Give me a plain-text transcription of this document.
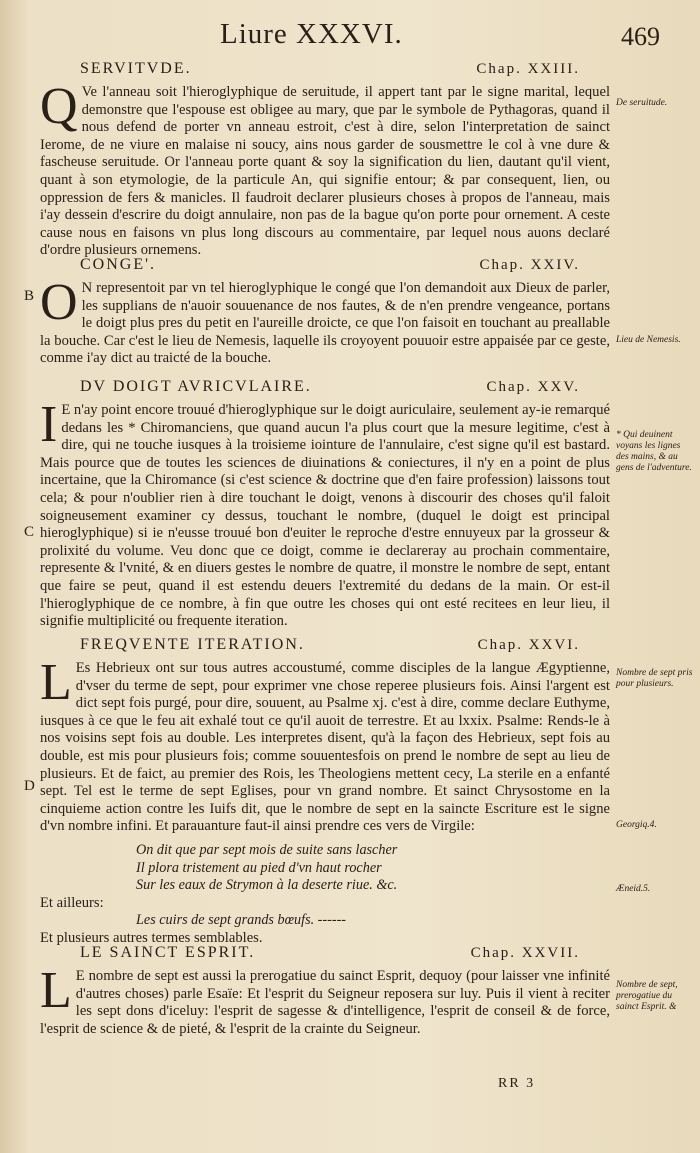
Liure XXXVI.	469
SERVITVDE.	Chap. XXIII.

Q Ve l'anneau soit l'hieroglyphique de seruitude, il appert tant par le signe marital, lequel demonstre que l'espouse est obligee au mary, que par le symbole de Pythagoras, quand il nous defend de porter vn anneau estroit, c'est à dire, selon l'interpretation de sainct Ierome, de ne viure en malaise ni soucy, ains nous garder de sousmettre le col à vne dure & fascheuse seruitude. Or l'anneau porte quant & soy la signification du lien, dautant qu'il vient, quant à son etymologie, de la particule An, qui signifie entour; & par consequent, lien, ou oppression de fers & manicles. Il faudroit declarer plusieurs choses à propos de l'anneau, mais i'ay dessein d'escrire du doigt annulaire, non pas de la bague qu'on porte pour ornement. A ceste cause nous en faisons vn plus long discours au commentaire, par lequel nous auons declaré d'ordre plusieurs ornemens.

B
CONGE'.	Chap. XXIV.

O N representoit par vn tel hieroglyphique le congé que l'on demandoit aux Dieux de parler, les supplians de n'auoir souuenance de nos fautes, & de n'en prendre vengeance, portans le doigt plus pres du petit en l'aureille droicte, ce que l'on faisoit en touchant au preallable la bouche. Car c'est le lieu de Nemesis, laquelle ils croyoyent pouuoir estre appaisée par ce geste, comme i'ay dict au traicté de la bouche.

C
DV DOIGT AVRICVLAIRE.	Chap. XXV.

I E n'ay point encore trouué d'hieroglyphique sur le doigt auriculaire, seulement ay-ie remarqué dedans les * Chiromanciens, que quand aucun l'a plus court que la mesure legitime, c'est à dire, qui ne touche iusques à la troisieme iointure de l'annulaire, c'est signe qu'il est bastard. Mais pource que de toutes les sciences de diuinations & coniectures, il n'y en a point de plus incertaine, que la Chiromance (si c'est science & doctrine que d'en faire profession) laissons tout cela; & pour n'oublier rien à dire touchant le doigt, venons à discourir des choses qu'il faloit soigneusement examiner cy dessus, touchant le nombre, (duquel le doigt est principal hieroglyphique) si ie n'eusse trouué bon d'euiter le reproche d'estre ennuyeux par la grosseur & prolixité du volume. Veu donc que ce doigt, comme ie declareray au prochain commentaire, represente & l'vnité, & en diuers gestes le nombre de quatre, il monstre le nombre de sept, entant que faire se peut, quand il est estendu deuers l'extremité du dedans de la main. Or est-il l'hieroglyphique de ce nombre, à fin que outre les choses qui ont esté recitees en leur lieu, il signifie multiplicité ou frequente iteration.

D
FREQVENTE ITERATION.	Chap. XXVI.

L Es Hebrieux ont sur tous autres accoustumé, comme disciples de la langue Ægyptienne, d'vser du terme de sept, pour exprimer vne chose reperee plusieurs fois. Ainsi l'argent est dict sept fois purgé, pour dire, souuent, au Psalme xj. c'est à dire, comme declare Euthyme, iusques à ce que le feu ait exhalé tout ce qu'il auoit de terrestre. Et au lxxix. Psalme: Rends-le à nos voisins sept fois au double. Les interpretes disent, qu'à la façon des Hebrieux, sept fois au double, est mis pour plusieurs fois; comme souuentesfois on prend le nombre de sept au lieu de plusieurs. Et de faict, au premier des Rois, les Theologiens mettent cecy, La sterile en a enfanté sept. Tel est le terme de sept Eglises, pour vn grand nombre. Et sainct Chrysostome en la cinquieme action contre les Iuifs dit, que le nombre de sept en la saincte Escriture est le signe d'vn nombre infini. Et parauanture faut-il ainsi prendre ces vers de Virgile:

On dit que par sept mois de suite sans lascher

Il plora tristement au pied d'vn haut rocher

Sur les eaux de Strymon à la deserte riue. &c.

Et ailleurs:

Les cuirs de sept grands bœufs. ------

Et plusieurs autres termes semblables.

LE SAINCT ESPRIT.	Chap. XXVII.

L E nombre de sept est aussi la prerogatiue du sainct Esprit, dequoy (pour laisser vne infinité d'autres choses) parle Esaïe: Et l'esprit du Seigneur reposera sur luy. Puis il vient à reciter les sept dons d'iceluy: l'esprit de sagesse & d'intelligence, l'esprit de conseil & de force, l'esprit de science & de pieté, & l'esprit de la crainte du Seigneur.

De seruitude.
Lieu de Nemesis.
* Qui deuinent voyans les lignes des mains, & au gens de l'adventure.
Nombre de sept pris pour plusieurs.
Georgiq.4.
Æneid.5.
Nombre de sept, prerogatiue du sainct Esprit. &
RR 3
